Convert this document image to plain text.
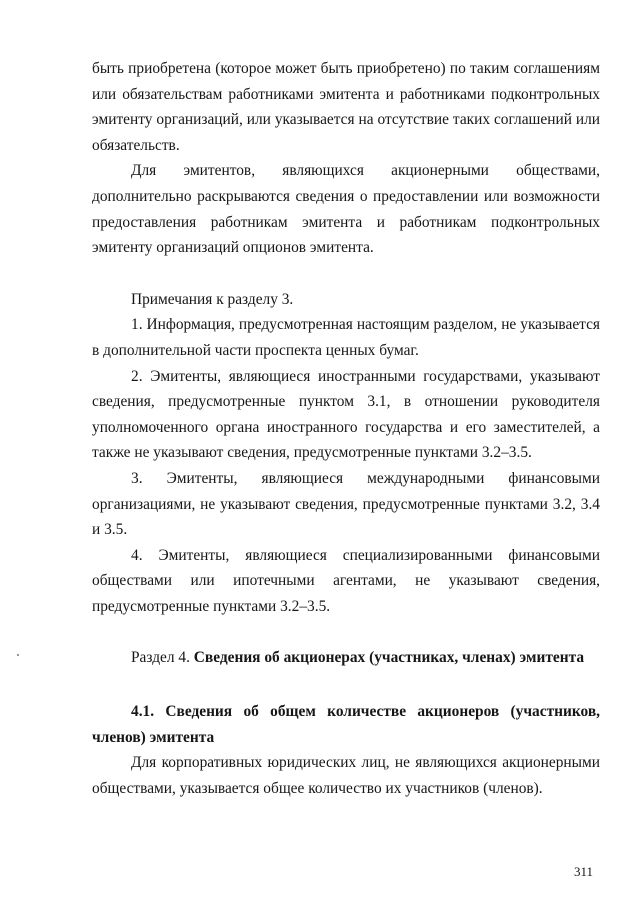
быть приобретена (которое может быть приобретено) по таким соглашениям или обязательствам работниками эмитента и работниками подконтрольных эмитенту организаций, или указывается на отсутствие таких соглашений или обязательств.

Для эмитентов, являющихся акционерными обществами, дополнительно раскрываются сведения о предоставлении или возможности предоставления работникам эмитента и работникам подконтрольных эмитенту организаций опционов эмитента.

Примечания к разделу 3.

1. Информация, предусмотренная настоящим разделом, не указывается в дополнительной части проспекта ценных бумаг.

2. Эмитенты, являющиеся иностранными государствами, указывают сведения, предусмотренные пунктом 3.1, в отношении руководителя уполномоченного органа иностранного государства и его заместителей, а также не указывают сведения, предусмотренные пунктами 3.2–3.5.

3. Эмитенты, являющиеся международными финансовыми организациями, не указывают сведения, предусмотренные пунктами 3.2, 3.4 и 3.5.

4. Эмитенты, являющиеся специализированными финансовыми обществами или ипотечными агентами, не указывают сведения, предусмотренные пунктами 3.2–3.5.

Раздел 4. Сведения об акционерах (участниках, членах) эмитента

4.1. Сведения об общем количестве акционеров (участников, членов) эмитента

Для корпоративных юридических лиц, не являющихся акционерными обществами, указывается общее количество их участников (членов).

311
